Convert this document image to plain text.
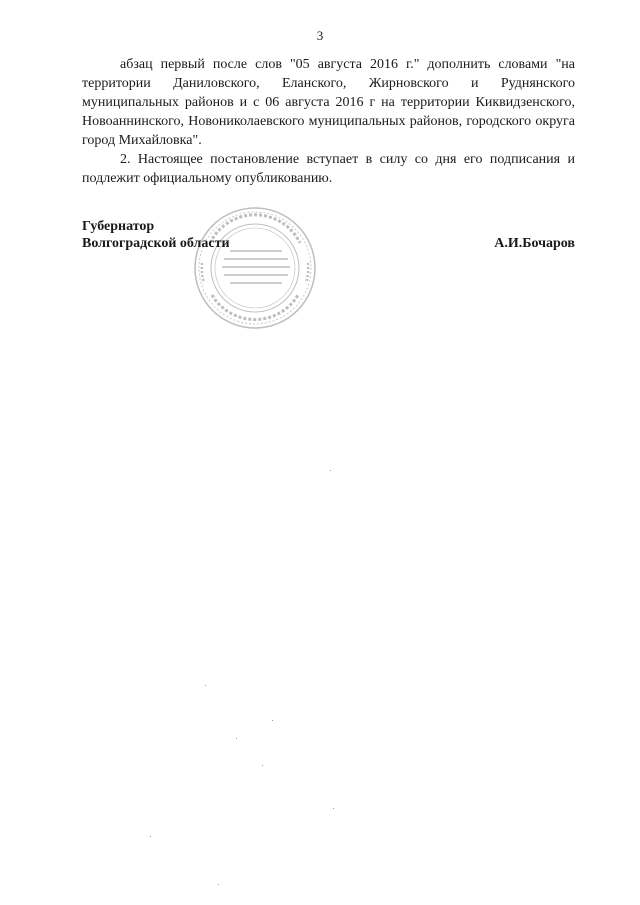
3

абзац первый после слов "05 августа 2016 г." дополнить словами "на территории Даниловского, Еланского, Жирновского и Руднянского муниципальных районов и с 06 августа 2016 г на территории Киквидзенского, Новоаннинского, Новониколаевского муниципальных районов, городского округа город Михайловка".

2. Настоящее постановление вступает в силу со дня его подписания и подлежит официальному опубликованию.

Губернатор
Волгоградской области	А.И.Бочаров
